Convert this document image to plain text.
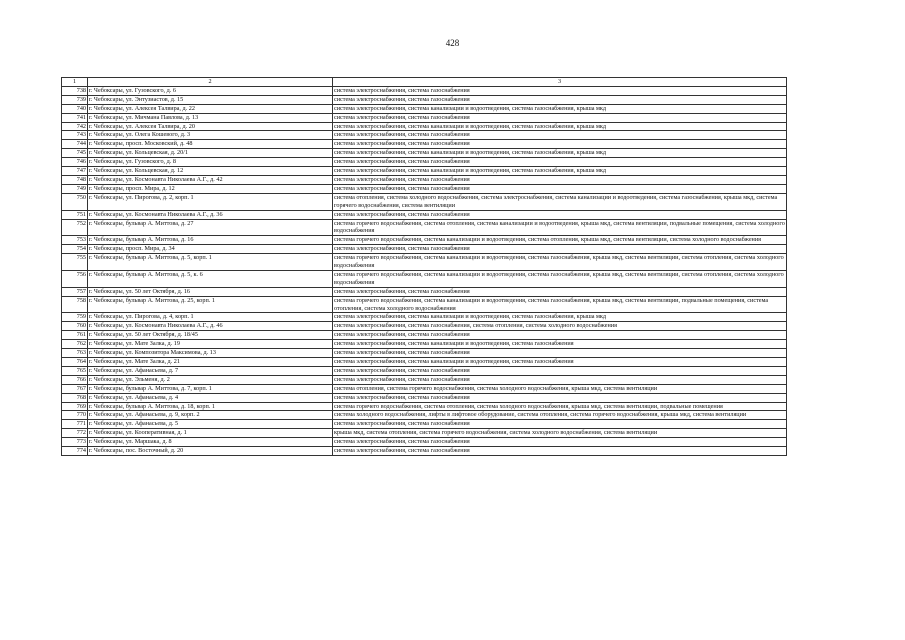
428
1	2	3
738	г. Чебоксары, ул. Гузовского, д. 6	система электроснабжения, система газоснабжения
739	г. Чебоксары, ул. Энтузиастов, д. 15	система электроснабжения, система газоснабжения
740	г. Чебоксары, ул. Алексея Талвира, д. 22	система электроснабжения, система канализации и водоотведения, система газоснабжения, крыша мкд
741	г. Чебоксары, ул. Мичмана Павлова, д. 13	система электроснабжения, система газоснабжения
742	г. Чебоксары, ул. Алексея Талвира, д. 20	система электроснабжения, система канализации и водоотведения, система газоснабжения, крыша мкд
743	г. Чебоксары, ул. Олега Кошевого, д. 3	система электроснабжения, система газоснабжения
744	г. Чебоксары, просп. Московский, д. 48	система электроснабжения, система газоснабжения
745	г. Чебоксары, ул. Кольцевская, д. 20/1	система электроснабжения, система канализации и водоотведения, система газоснабжения, крыша мкд
746	г. Чебоксары, ул. Гузовского, д. 8	система электроснабжения, система газоснабжения
747	г. Чебоксары, ул. Кольцевская, д. 12	система электроснабжения, система канализации и водоотведения, система газоснабжения, крыша мкд
748	г. Чебоксары, ул. Космонавта Николаева А.Г., д. 42	система электроснабжения, система газоснабжения
749	г. Чебоксары, просп. Мира, д. 12	система электроснабжения, система газоснабжения
750	г. Чебоксары, ул. Пирогова, д. 2, корп. 1	система отопления, система холодного водоснабжения, система электроснабжения, система канализации и водоотведения, система газоснабжения, крыша мкд, система горячего водоснабжения, система вентиляции
751	г. Чебоксары, ул. Космонавта Николаева А.Г., д. 36	система электроснабжения, система газоснабжения
752	г. Чебоксары, бульвар А. Миттова, д. 27	система горячего водоснабжения, система отопления, система канализации и водоотведения, крыша мкд, система вентиляции, подвальные помещения, система холодного водоснабжения
753	г. Чебоксары, бульвар А. Миттова, д. 16	система горячего водоснабжения, система канализации и водоотведения, система отопления, крыша мкд, система вентиляции, система холодного водоснабжения
754	г. Чебоксары, просп. Мира, д. 34	система электроснабжения, система газоснабжения
755	г. Чебоксары, бульвар А. Миттова, д. 5, корп. 1	система горячего водоснабжения, система канализации и водоотведения, система газоснабжения, крыша мкд, система вентиляции, система отопления, система холодного водоснабжения
756	г. Чебоксары, бульвар А. Миттова, д. 5, к. 6	система горячего водоснабжения, система канализации и водоотведения, система газоснабжения, крыша мкд, система вентиляции, система отопления, система холодного водоснабжения
757	г. Чебоксары, ул. 50 лет Октября, д. 16	система электроснабжения, система газоснабжения
758	г. Чебоксары, бульвар А. Миттова, д. 25, корп. 1	система горячего водоснабжения, система канализации и водоотведения, система газоснабжения, крыша мкд, система вентиляции, подвальные помещения, система отопления, система холодного водоснабжения
759	г. Чебоксары, ул. Пирогова, д. 4, корп. 1	система электроснабжения, система канализации и водоотведения, система газоснабжения, крыша мкд
760	г. Чебоксары, ул. Космонавта Николаева А.Г., д. 46	система электроснабжения, система газоснабжения, система отопления, система холодного водоснабжения
761	г. Чебоксары, ул. 50 лет Октября, д. 18/45	система электроснабжения, система газоснабжения
762	г. Чебоксары, ул. Мате Залка, д. 19	система электроснабжения, система канализации и водоотведения, система газоснабжения
763	г. Чебоксары, ул. Композитора Максимова, д. 13	система электроснабжения, система газоснабжения
764	г. Чебоксары, ул. Мате Залка, д. 21	система электроснабжения, система канализации и водоотведения, система газоснабжения
765	г. Чебоксары, ул. Афанасьева, д. 7	система электроснабжения, система газоснабжения
766	г. Чебоксары, ул. Эльменя, д. 2	система электроснабжения, система газоснабжения
767	г. Чебоксары, бульвар А. Миттова, д. 7, корп. 1	система отопления, система горячего водоснабжения, система холодного водоснабжения, крыша мкд, система вентиляции
768	г. Чебоксары, ул. Афанасьева, д. 4	система электроснабжения, система газоснабжения
769	г. Чебоксары, бульвар А. Миттова, д. 18, корп. 1	система горячего водоснабжения, система отопления, система холодного водоснабжения, крыша мкд, система вентиляции, подвальные помещения
770	г. Чебоксары, ул. Афанасьева, д. 9, корп. 2	система холодного водоснабжения, лифты в лифтовое оборудование, система отопления, система горячего водоснабжения, крыша мкд, система вентиляции
771	г. Чебоксары, ул. Афанасьева, д. 5	система электроснабжения, система газоснабжения
772	г. Чебоксары, ул. Кооперативная, д. 1	крыша мкд, система отопления, система горячего водоснабжения, система холодного водоснабжения, система вентиляции
773	г. Чебоксары, ул. Маршака, д. 8	система электроснабжения, система газоснабжения
774	г. Чебоксары, пос. Восточный, д. 20	система электроснабжения, система газоснабжения
